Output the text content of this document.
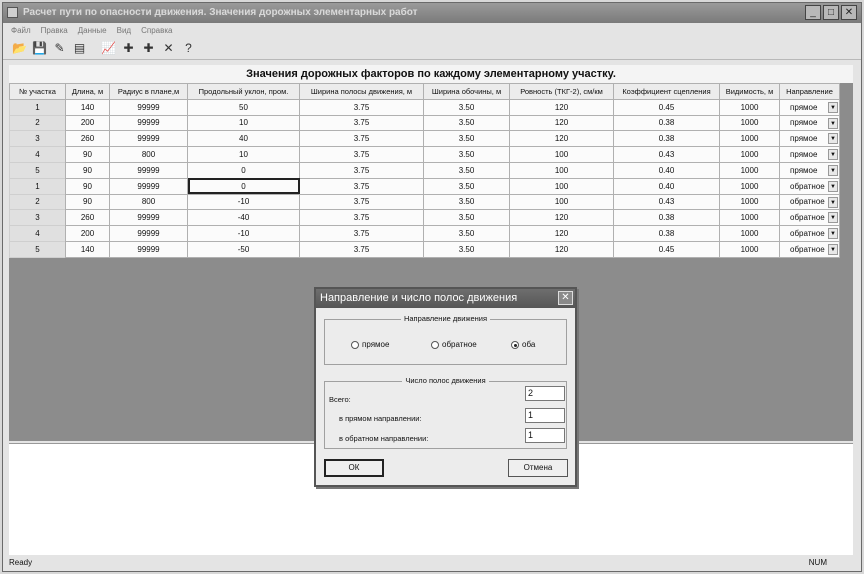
Расчет пути по опасности движения. Значения дорожных элементарных работ	_	□	✕
Файл Правка Данные Вид Справка
📂 💾 ✎ ▤ 📈 ✚ ✚ ✕ ?
Значения дорожных факторов по каждому элементарному участку.
№ участка	Длина, м	Радиус в плане,м	Продольный уклон, пром.	Ширина полосы движения, м	Ширина обочины, м	Ровность (ТКГ-2), см/км	Коэффициент сцепления	Видимость, м	Направление
1	140	99999	50	3.75	3.50	120	0.45	1000	прямое ▼

2	200	99999	10	3.75	3.50	120	0.38	1000	прямое ▼

3	260	99999	40	3.75	3.50	120	0.38	1000	прямое ▼

4	90	800	10	3.75	3.50	100	0.43	1000	прямое ▼

5	90	99999	0	3.75	3.50	100	0.40	1000	прямое ▼

1	90	99999	0	3.75	3.50	100	0.40	1000	обратное ▼

2	90	800	-10	3.75	3.50	100	0.43	1000	обратное ▼

3	260	99999	-40	3.75	3.50	120	0.38	1000	обратное ▼

4	200	99999	-10	3.75	3.50	120	0.38	1000	обратное ▼

5	140	99999	-50	3.75	3.50	120	0.45	1000	обратное ▼
Ready	NUM
Направление и число полос движения	✕
Направление движения
прямое	обратное	оба
Число полос движения
Всего:
2
в прямом направлении:	1
в обратном направлении:	1
ОК	Отмена
